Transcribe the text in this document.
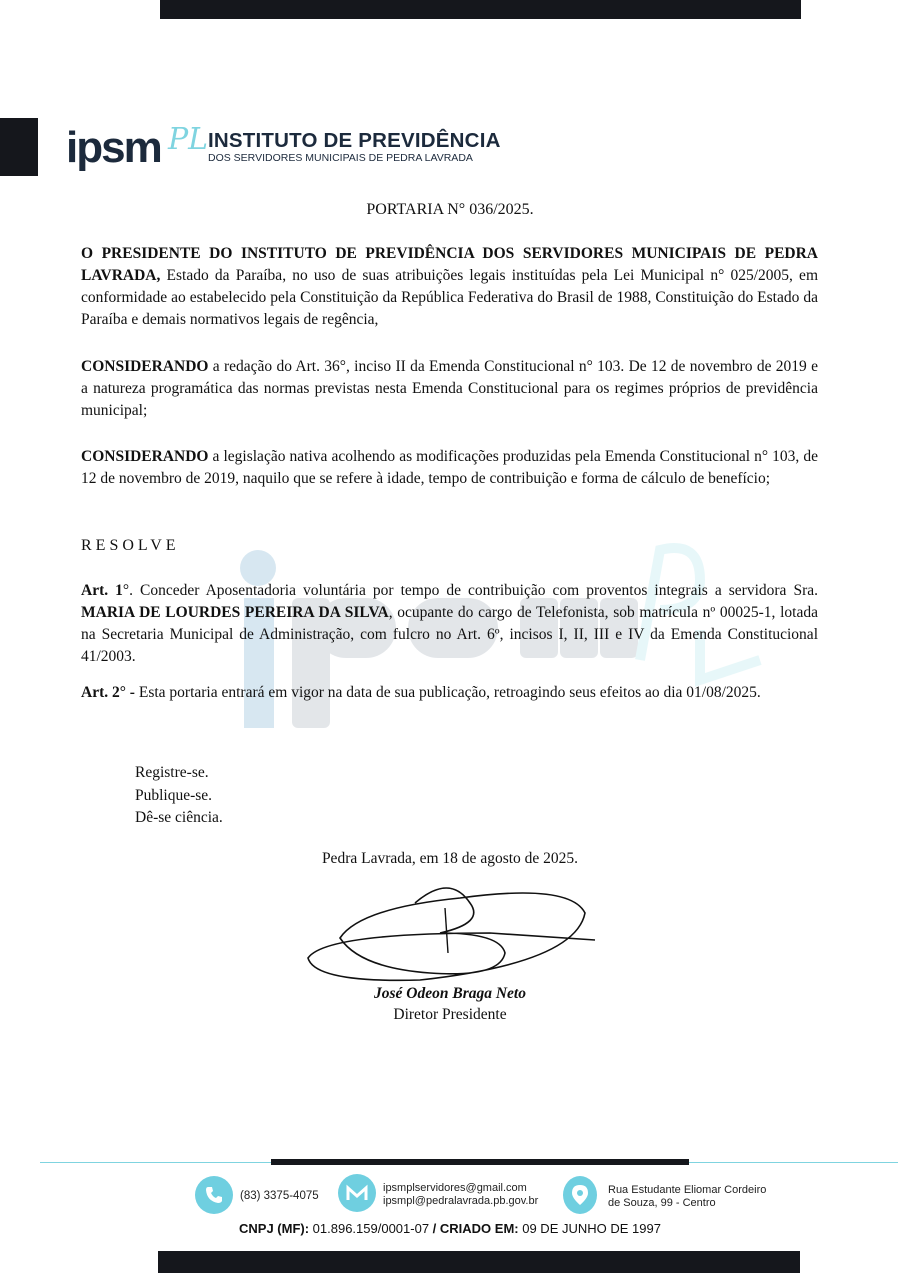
ipsm PL INSTITUTO DE PREVIDÊNCIA
DOS SERVIDORES MUNICIPAIS DE PEDRA LAVRADA
PORTARIA N° 036/2025.
O PRESIDENTE DO INSTITUTO DE PREVIDÊNCIA DOS SERVIDORES MUNICIPAIS DE PEDRA LAVRADA, Estado da Paraíba, no uso de suas atribuições legais instituídas pela Lei Municipal n° 025/2005, em conformidade ao estabelecido pela Constituição da República Federativa do Brasil de 1988, Constituição do Estado da Paraíba e demais normativos legais de regência,
CONSIDERANDO a redação do Art. 36°, inciso II da Emenda Constitucional n° 103. De 12 de novembro de 2019 e a natureza programática das normas previstas nesta Emenda Constitucional para os regimes próprios de previdência municipal;
CONSIDERANDO a legislação nativa acolhendo as modificações produzidas pela Emenda Constitucional n° 103, de 12 de novembro de 2019, naquilo que se refere à idade, tempo de contribuição e forma de cálculo de benefício;
RESOLVE
Art. 1°. Conceder Aposentadoria voluntária por tempo de contribuição com proventos integrais a servidora Sra. MARIA DE LOURDES PEREIRA DA SILVA, ocupante do cargo de Telefonista, sob matrícula nº 00025-1, lotada na Secretaria Municipal de Administração, com fulcro no Art. 6º, incisos I, II, III e IV da Emenda Constitucional 41/2003.
Art. 2° - Esta portaria entrará em vigor na data de sua publicação, retroagindo seus efeitos ao dia 01/08/2025.
Registre-se.
Publique-se.
Dê-se ciência.
Pedra Lavrada, em 18 de agosto de 2025.
José Odeon Braga Neto
Diretor Presidente
(83) 3375-4075
ipsmplservidores@gmail.com
ipsmpl@pedralavrada.pb.gov.br
Rua Estudante Eliomar Cordeiro
de Souza, 99 - Centro
CNPJ (MF): 01.896.159/0001-07 / CRIADO EM: 09 DE JUNHO DE 1997
